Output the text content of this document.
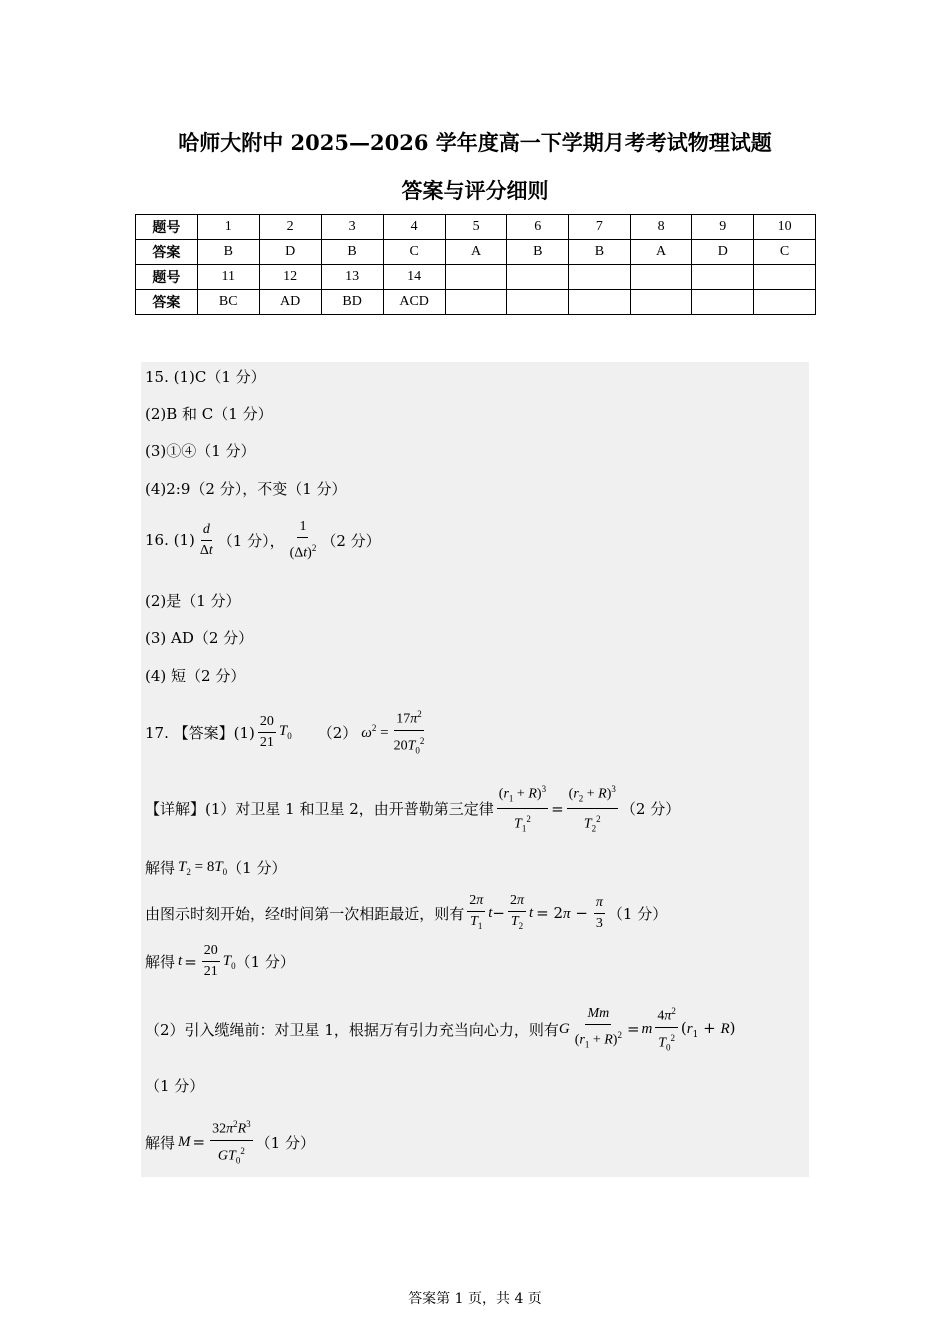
哈师大附中 2025—2026 学年度高一下学期月考考试物理试题
答案与评分细则
题号	1	2	3	4	5	6	7	8	9	10
答案	B	D	B	C	A	B	B	A	D	C
题号	11	12	13	14						
答案	BC	AD	BD	ACD						
15. (1)C（1 分）
(2)B 和 C（1 分）
(3)①④（1 分）
(4)2:9（2 分），不变（1 分）
16. $(1) \frac{d}{\Delta t} (1$ 分）， $\frac{1}{(\Delta t)^2} (2$ 分）
(2)是（1 分）
(3) AD（2 分）
(4) 短（2 分）
17. 【答案】$(1) \frac{20}{21} T_0$ （2） $\omega^2 = \frac{17\pi^2}{20T_0^2}$
【详解】(1）对卫星 1 和卫星 2，由开普勒第三定律 $\frac{(r_1 + R)^3}{T_1^2} = \frac{(r_2 + R)^3}{T_2^2} (2$ 分）
解得 $T_2 = 8T_0$ （1 分）
由图示时刻开始，经 t 时间第一次相距最近，则有 $\frac{2\pi}{T_1}$ $t - \frac{2\pi}{T_2}$ $t = 2\pi - \frac{\pi}{3} (1$ 分）
解得 $t = \frac{20}{21} T_0$ （1 分）
（2）引入缆绳前：对卫星 1，根据万有引力充当向心力，则有 G $\frac{Mm}{(r_1 + R)^2} = m \frac{4\pi^2}{T_0^2} (r_1 + R)$
（1 分）
解得 $M = \frac{32\pi^2R^3}{GT_0^2} (1$ 分）
答案第 1 页，共 4 页
